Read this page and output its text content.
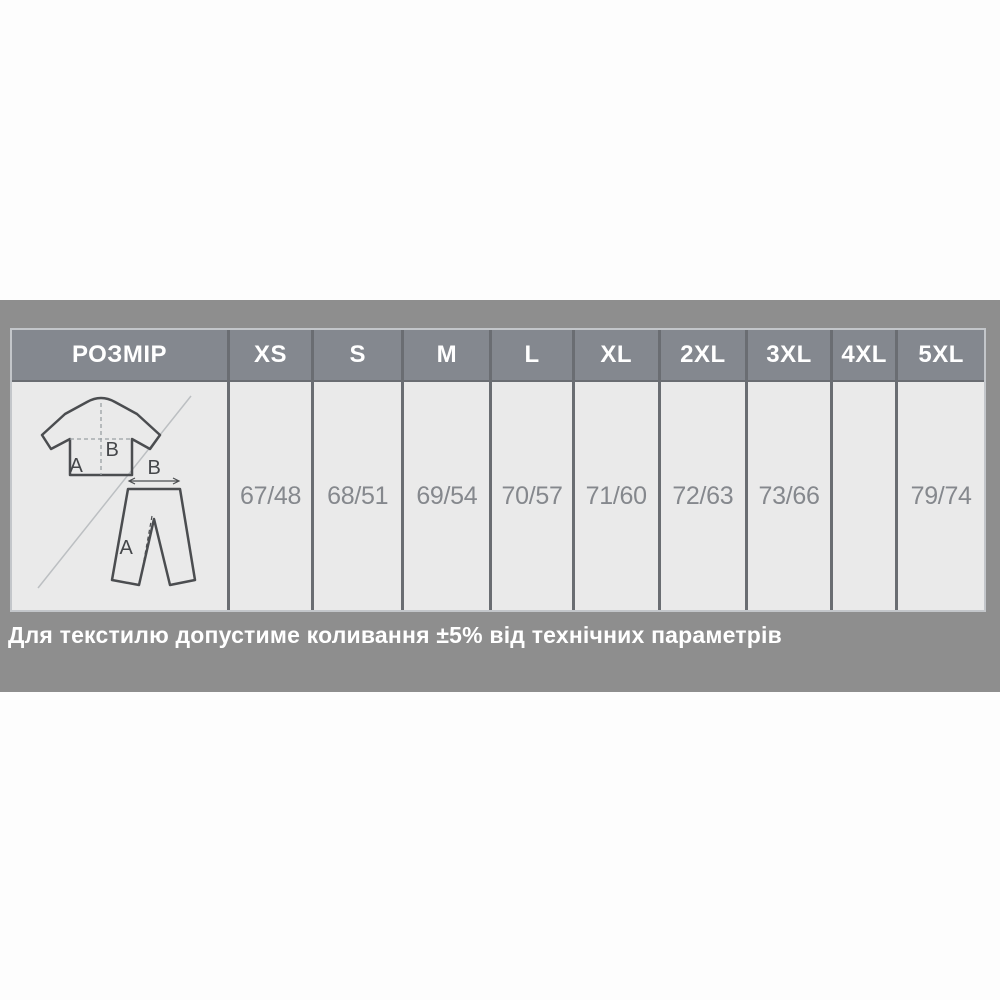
РОЗМІР	XS	S	M	L	XL	2XL	3XL	4XL	5XL

A
B
B
A	67/48	68/51	69/54	70/57	71/60	72/63	73/66		79/74
Для текстилю допустиме коливання ±5% від технічних параметрів
